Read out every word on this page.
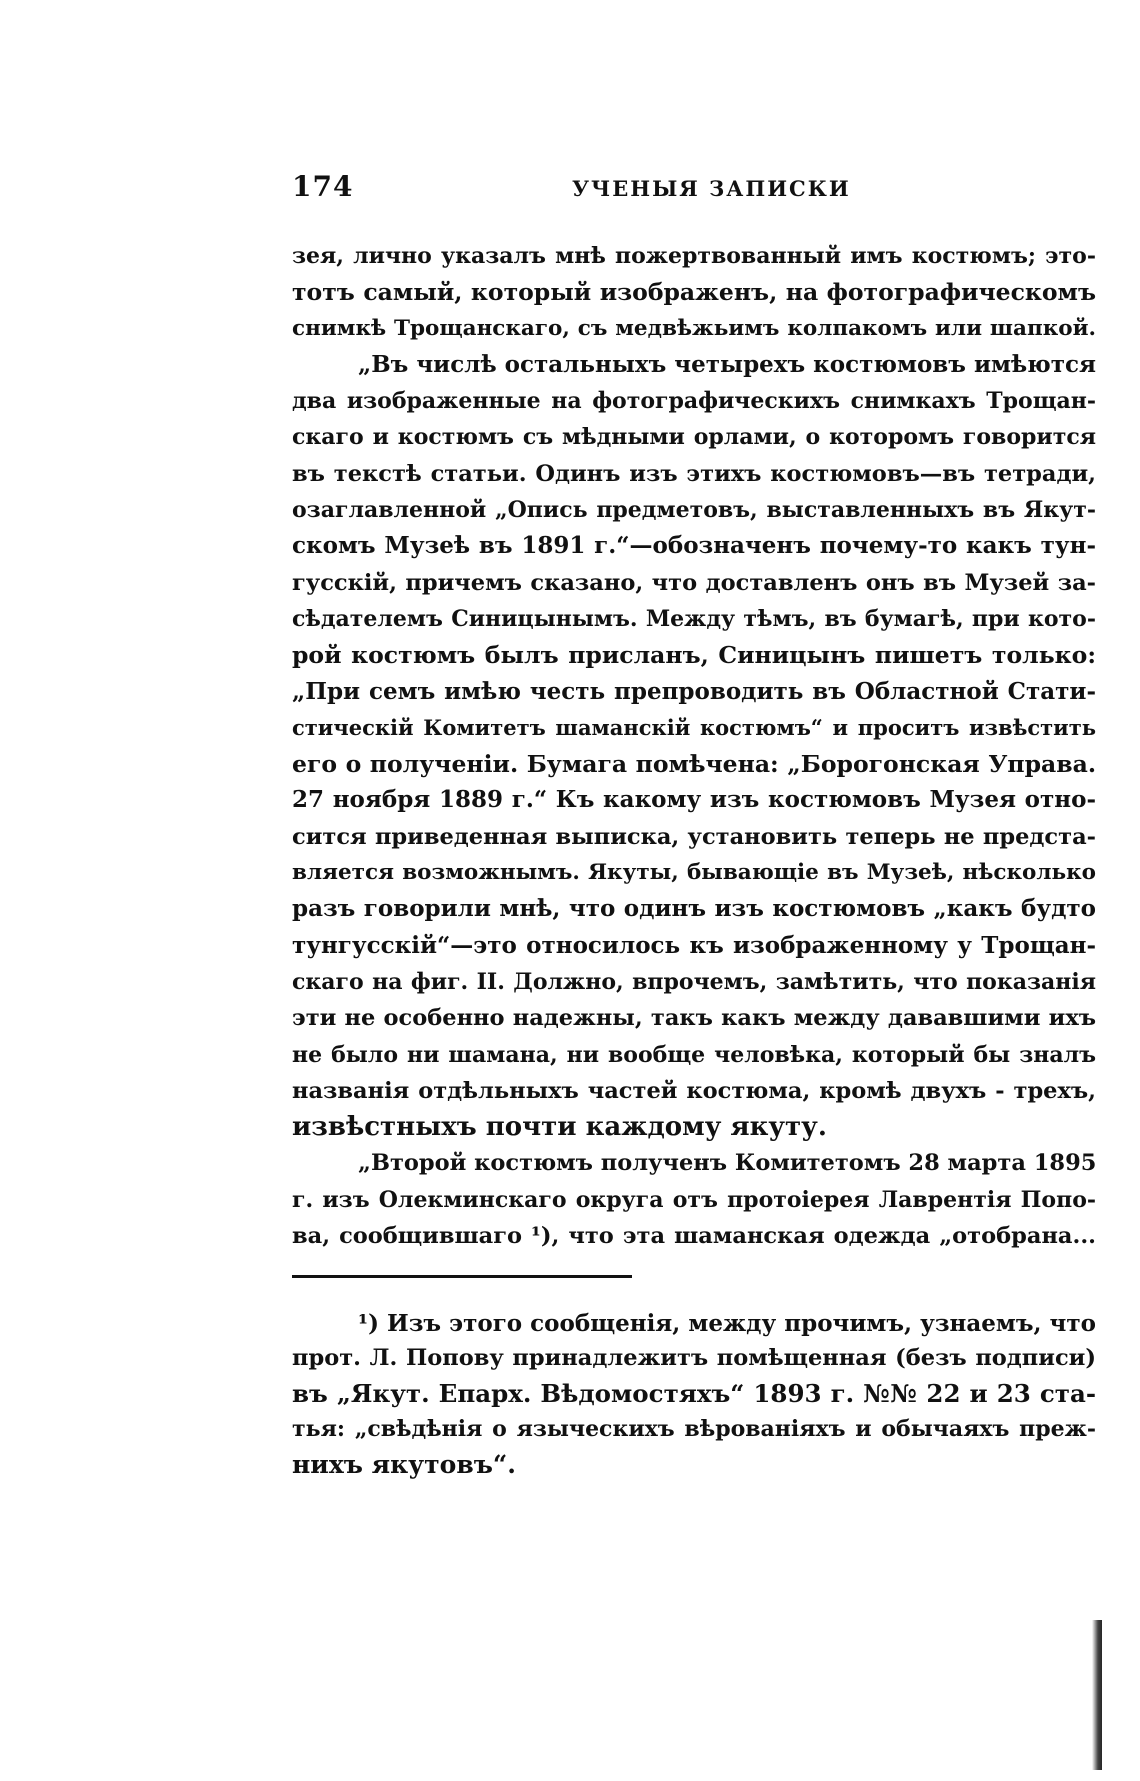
174	УЧЕНЫЯ ЗАПИСКИ
зея, лично указалъ мнѣ пожертвованный имъ костюмъ; это-
тотъ самый, который изображенъ, на фотографическомъ
снимкѣ Трощанскаго, съ медвѣжьимъ колпакомъ или шапкой.
„Въ числѣ остальныхъ четырехъ костюмовъ имѣются
два изображенные на фотографическихъ снимкахъ Трощан-
скаго и костюмъ съ мѣдными орлами, о которомъ говорится
въ текстѣ статьи. Одинъ изъ этихъ костюмовъ—въ тетради,
озаглавленной „Опись предметовъ, выставленныхъ въ Якут-
скомъ Музеѣ въ 1891 г.“—обозначенъ почему-то какъ тун-
гусскій, причемъ сказано, что доставленъ онъ въ Музей за-
сѣдателемъ Синицынымъ. Между тѣмъ, въ бумагѣ, при кото-
рой костюмъ былъ присланъ, Синицынъ пишетъ только:
„При семъ имѣю честь препроводить въ Областной Стати-
стическій Комитетъ шаманскій костюмъ“ и проситъ извѣстить
его о полученіи. Бумага помѣчена: „Борогонская Управа.
27 ноября 1889 г.“ Къ какому изъ костюмовъ Музея отно-
сится приведенная выписка, установить теперь не предста-
вляется возможнымъ. Якуты, бывающіе въ Музеѣ, нѣсколько
разъ говорили мнѣ, что одинъ изъ костюмовъ „какъ будто
тунгусскій“—это относилось къ изображенному у Трощан-
скаго на фиг. II. Должно, впрочемъ, замѣтить, что показанія
эти не особенно надежны, такъ какъ между дававшими ихъ
не было ни шамана, ни вообще человѣка, который бы зналъ
названія отдѣльныхъ частей костюма, кромѣ двухъ - трехъ,
извѣстныхъ почти каждому якуту.
„Второй костюмъ полученъ Комитетомъ 28 марта 1895
г. изъ Олекминскаго округа отъ протоіерея Лаврентія Попо-
ва, сообщившаго ¹), что эта шаманская одежда „отобрана...
¹) Изъ этого сообщенія, между прочимъ, узнаемъ, что
прот. Л. Попову принадлежитъ помѣщенная (безъ подписи)
въ „Якут. Епарх. Вѣдомостяхъ“ 1893 г. №№ 22 и 23 ста-
тья: „свѣдѣнія о языческихъ вѣрованіяхъ и обычаяхъ преж-
нихъ якутовъ“.
